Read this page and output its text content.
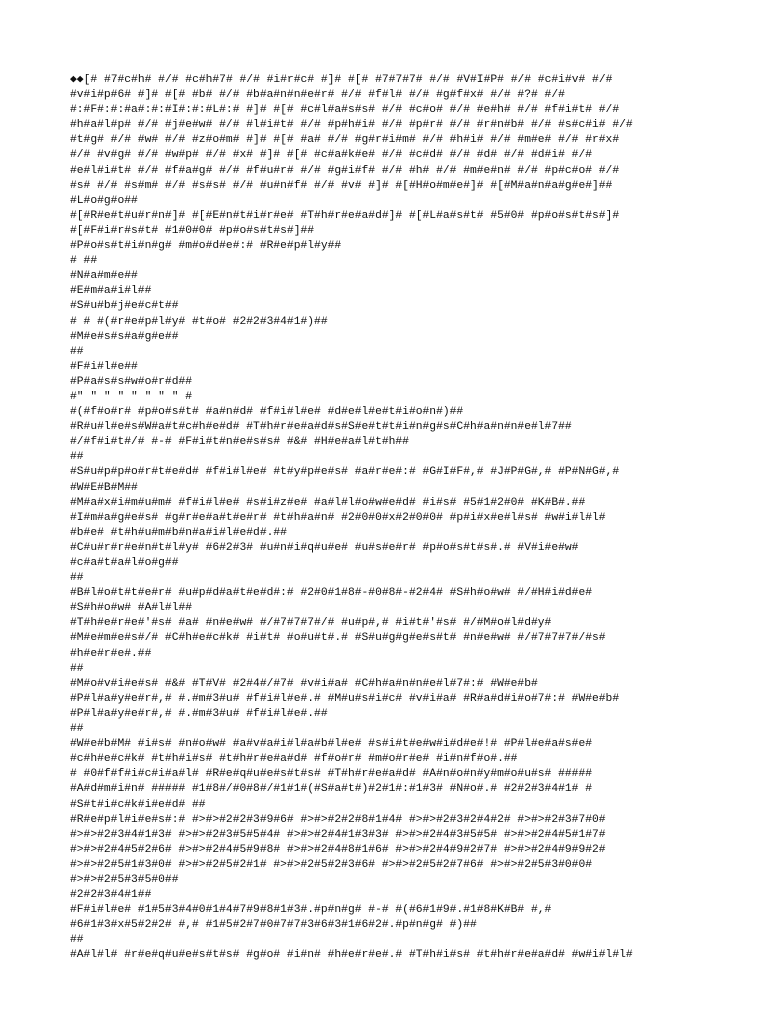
◆◆[# #7#c#h# #/# #c#h#7# #/# #i#r#c# #]# #[# #7#7#7# #/# #V#I#P# #/# #c#i#v# #/#
#v#i#p#6# #]# #[# #b# #/# #b#a#n#n#e#r# #/# #f#l# #/# #g#f#x# #/# #?# #/#
#:#F#:#:#a#:#:#I#:#:#L#:# #]# #[# #c#l#a#s#s# #/# #c#o# #/# #e#h# #/# #f#i#t# #/#
#h#a#l#p# #/# #j#e#w# #/# #l#i#t# #/# #p#h#i# #/# #p#r# #/# #r#n#b# #/# #s#c#i# #/#
#t#g# #/# #w# #/# #z#o#m# #]# #[# #a# #/# #g#r#i#m# #/# #h#i# #/# #m#e# #/# #r#x#
#/# #v#g# #/# #w#p# #/# #x# #]# #[# #c#a#k#e# #/# #c#d# #/# #d# #/# #d#i# #/#
#e#l#i#t# #/# #f#a#g# #/# #f#u#r# #/# #g#i#f# #/# #h# #/# #m#e#n# #/# #p#c#o# #/#
#s# #/# #s#m# #/# #s#s# #/# #u#n#f# #/# #v# #]# #[#H#o#m#e#]# #[#M#a#n#a#g#e#]##
#L#o#g#o##
#[#R#e#t#u#r#n#]# #[#E#n#t#i#r#e# #T#h#r#e#a#d#]# #[#L#a#s#t# #5#0# #p#o#s#t#s#]#
#[#F#i#r#s#t# #1#0#0# #p#o#s#t#s#]##
#P#o#s#t#i#n#g# #m#o#d#e#:# #R#e#p#l#y##
# ##
#N#a#m#e##
#E#m#a#i#l##
#S#u#b#j#e#c#t##
# # #(#r#e#p#l#y# #t#o# #2#2#3#4#1#)##
#M#e#s#s#a#g#e##
##
#F#i#l#e##
#P#a#s#s#w#o#r#d##
#" " " " " " " " #
#(#f#o#r# #p#o#s#t# #a#n#d# #f#i#l#e# #d#e#l#e#t#i#o#n#)##
#R#u#l#e#s#W#a#t#c#h#e#d# #T#h#r#e#a#d#s#S#e#t#t#i#n#g#s#C#h#a#n#n#e#l#7##
#/#f#i#t#/# #-# #F#i#t#n#e#s#s# #&# #H#e#a#l#t#h##
##
#S#u#p#p#o#r#t#e#d# #f#i#l#e# #t#y#p#e#s# #a#r#e#:# #G#I#F#,# #J#P#G#,# #P#N#G#,#
#W#E#B#M##
#M#a#x#i#m#u#m# #f#i#l#e# #s#i#z#e# #a#l#l#o#w#e#d# #i#s# #5#1#2#0# #K#B#.##
#I#m#a#g#e#s# #g#r#e#a#t#e#r# #t#h#a#n# #2#0#0#x#2#0#0# #p#i#x#e#l#s# #w#i#l#l#
#b#e# #t#h#u#m#b#n#a#i#l#e#d#.##
#C#u#r#r#e#n#t#l#y# #6#2#3# #u#n#i#q#u#e# #u#s#e#r# #p#o#s#t#s#.# #V#i#e#w#
#c#a#t#a#l#o#g##
##
#B#l#o#t#t#e#r# #u#p#d#a#t#e#d#:# #2#0#1#8#-#0#8#-#2#4# #S#h#o#w# #/#H#i#d#e#
#S#h#o#w# #A#l#l##
#T#h#e#r#e#'#s# #a# #n#e#w# #/#7#7#7#/# #u#p#,# #i#t#'#s# #/#M#o#l#d#y#
#M#e#m#e#s#/# #C#h#e#c#k# #i#t# #o#u#t#.# #S#u#g#g#e#s#t# #n#e#w# #/#7#7#7#/#s#
#h#e#r#e#.##
##
#M#o#v#i#e#s# #&# #T#V# #2#4#/#7# #v#i#a# #C#h#a#n#n#e#l#7#:# #W#e#b#
#P#l#a#y#e#r#,# #.#m#3#u# #f#i#l#e#.# #M#u#s#i#c# #v#i#a# #R#a#d#i#o#7#:# #W#e#b#
#P#l#a#y#e#r#,# #.#m#3#u# #f#i#l#e#.##
##
#W#e#b#M# #i#s# #n#o#w# #a#v#a#i#l#a#b#l#e# #s#i#t#e#w#i#d#e#!# #P#l#e#a#s#e#
#c#h#e#c#k# #t#h#i#s# #t#h#r#e#a#d# #f#o#r# #m#o#r#e# #i#n#f#o#.##
# #0#f#f#i#c#i#a#l# #R#e#q#u#e#s#t#s# #T#h#r#e#a#d# #A#n#o#n#y#m#o#u#s# #####
#A#d#m#i#n# ##### #1#8#/#0#8#/#1#1#(#S#a#t#)#2#1#:#1#3# #N#o#.# #2#2#3#4#1# #
#S#t#i#c#k#i#e#d# ##
#R#e#p#l#i#e#s#:# #>#>#2#2#3#9#6# #>#>#2#2#8#1#4# #>#>#2#3#2#4#2# #>#>#2#3#7#0#
#>#>#2#3#4#1#3# #>#>#2#3#5#5#4# #>#>#2#4#1#3#3# #>#>#2#4#3#5#5# #>#>#2#4#5#1#7#
#>#>#2#4#5#2#6# #>#>#2#4#5#9#8# #>#>#2#4#8#1#6# #>#>#2#4#9#2#7# #>#>#2#4#9#9#2#
#>#>#2#5#1#3#0# #>#>#2#5#2#1# #>#>#2#5#2#3#6# #>#>#2#5#2#7#6# #>#>#2#5#3#0#0#
#>#>#2#5#3#5#0##
#2#2#3#4#1##
#F#i#l#e# #1#5#3#4#0#1#4#7#9#8#1#3#.#p#n#g# #-# #(#6#1#9#.#1#8#K#B# #,#
#6#1#3#x#5#2#2# #,# #1#5#2#7#0#7#7#3#6#3#1#6#2#.#p#n#g# #)##
##
#A#l#l# #r#e#q#u#e#s#t#s# #g#o# #i#n# #h#e#r#e#.# #T#h#i#s# #t#h#r#e#a#d# #w#i#l#l#
